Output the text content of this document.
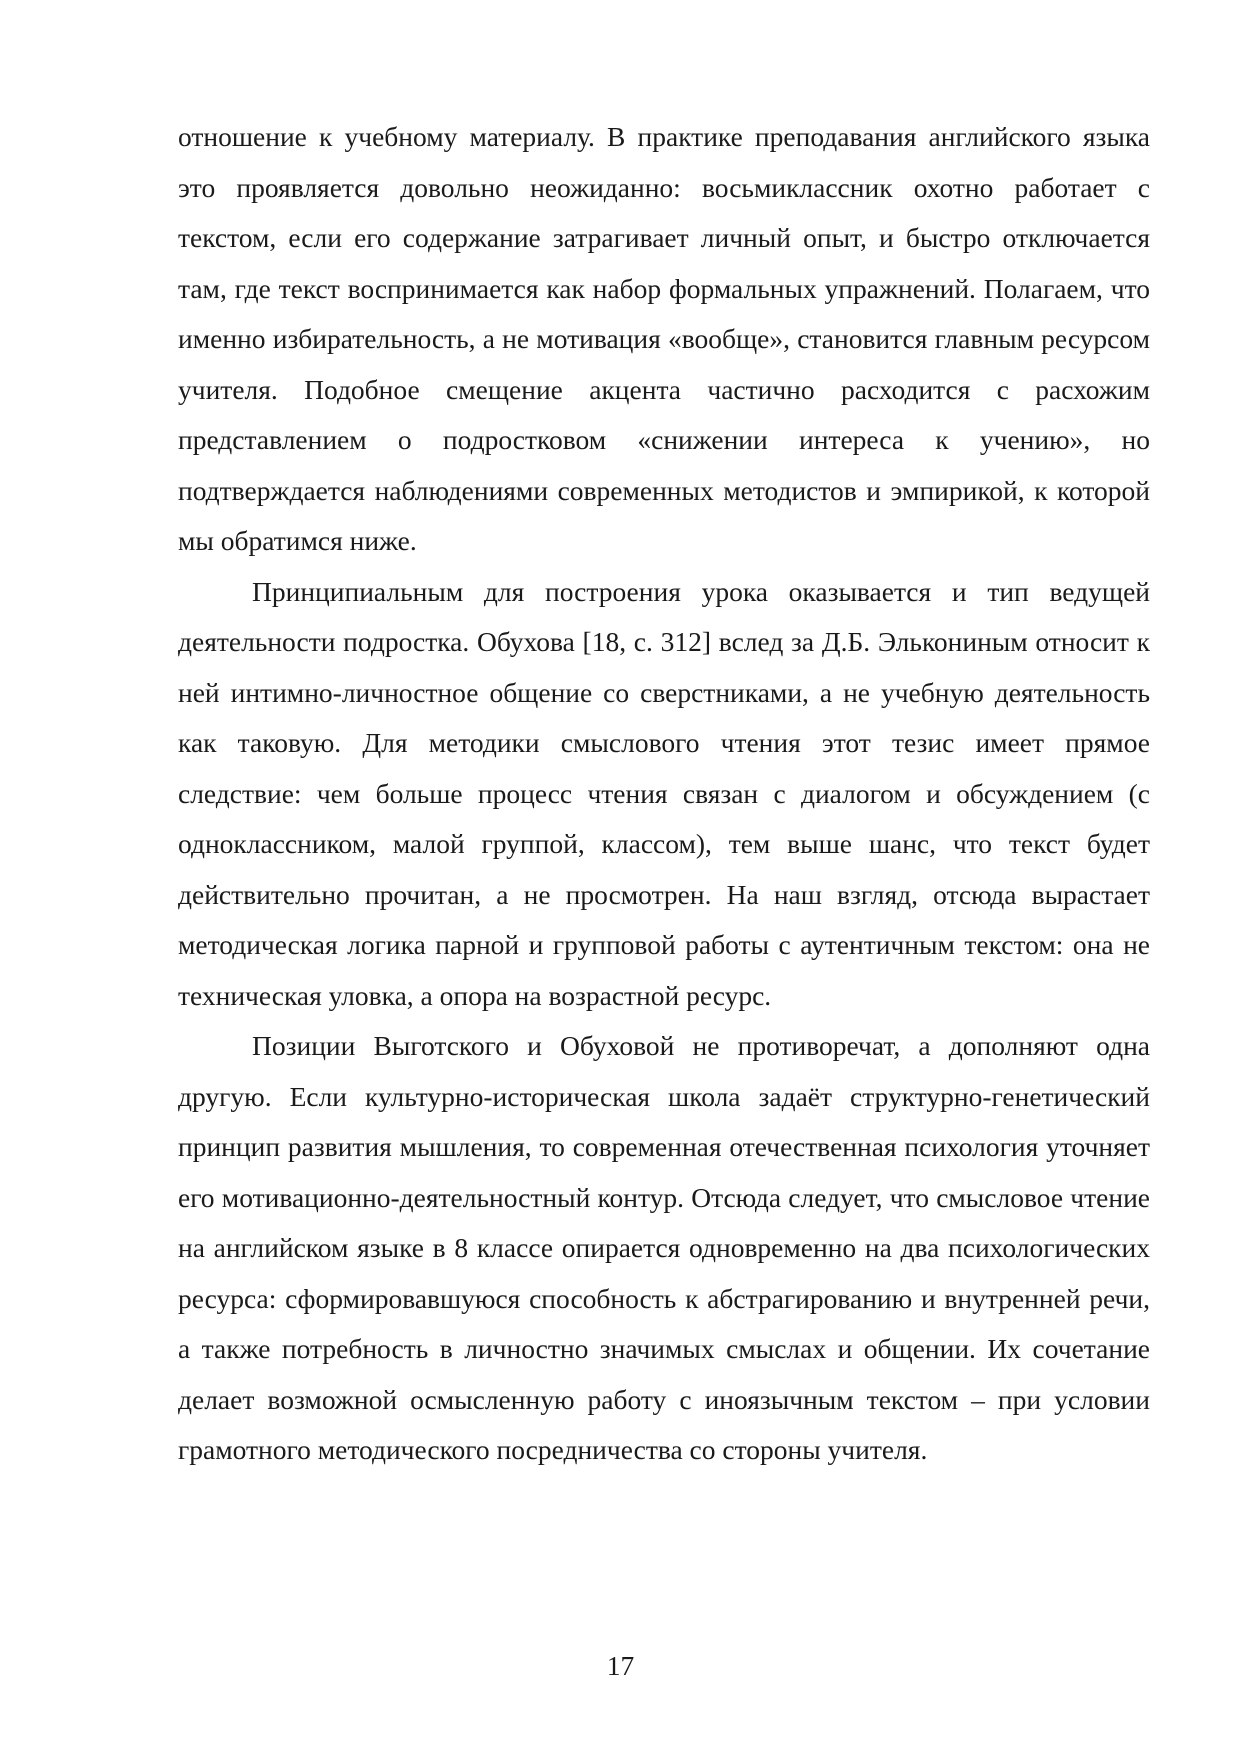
отношение к учебному материалу. В практике преподавания английского языка это проявляется довольно неожиданно: восьмиклассник охотно работает с текстом, если его содержание затрагивает личный опыт, и быстро отключается там, где текст воспринимается как набор формальных упражнений. Полагаем, что именно избирательность, а не мотивация «вообще», становится главным ресурсом учителя. Подобное смещение акцента частично расходится с расхожим представлением о подростковом «снижении интереса к учению», но подтверждается наблюдениями современных методистов и эмпирикой, к которой мы обратимся ниже.

Принципиальным для построения урока оказывается и тип ведущей деятельности подростка. Обухова [18, с. 312] вслед за Д.Б. Элькониным относит к ней интимно-личностное общение со сверстниками, а не учебную деятельность как таковую. Для методики смыслового чтения этот тезис имеет прямое следствие: чем больше процесс чтения связан с диалогом и обсуждением (с одноклассником, малой группой, классом), тем выше шанс, что текст будет действительно прочитан, а не просмотрен. На наш взгляд, отсюда вырастает методическая логика парной и групповой работы с аутентичным текстом: она не техническая уловка, а опора на возрастной ресурс.

Позиции Выготского и Обуховой не противоречат, а дополняют одна другую. Если культурно-историческая школа задаёт структурно-генетический принцип развития мышления, то современная отечественная психология уточняет его мотивационно-деятельностный контур. Отсюда следует, что смысловое чтение на английском языке в 8 классе опирается одновременно на два психологических ресурса: сформировавшуюся способность к абстрагированию и внутренней речи, а также потребность в личностно значимых смыслах и общении. Их сочетание делает возможной осмысленную работу с иноязычным текстом – при условии грамотного методического посредничества со стороны учителя.

17
